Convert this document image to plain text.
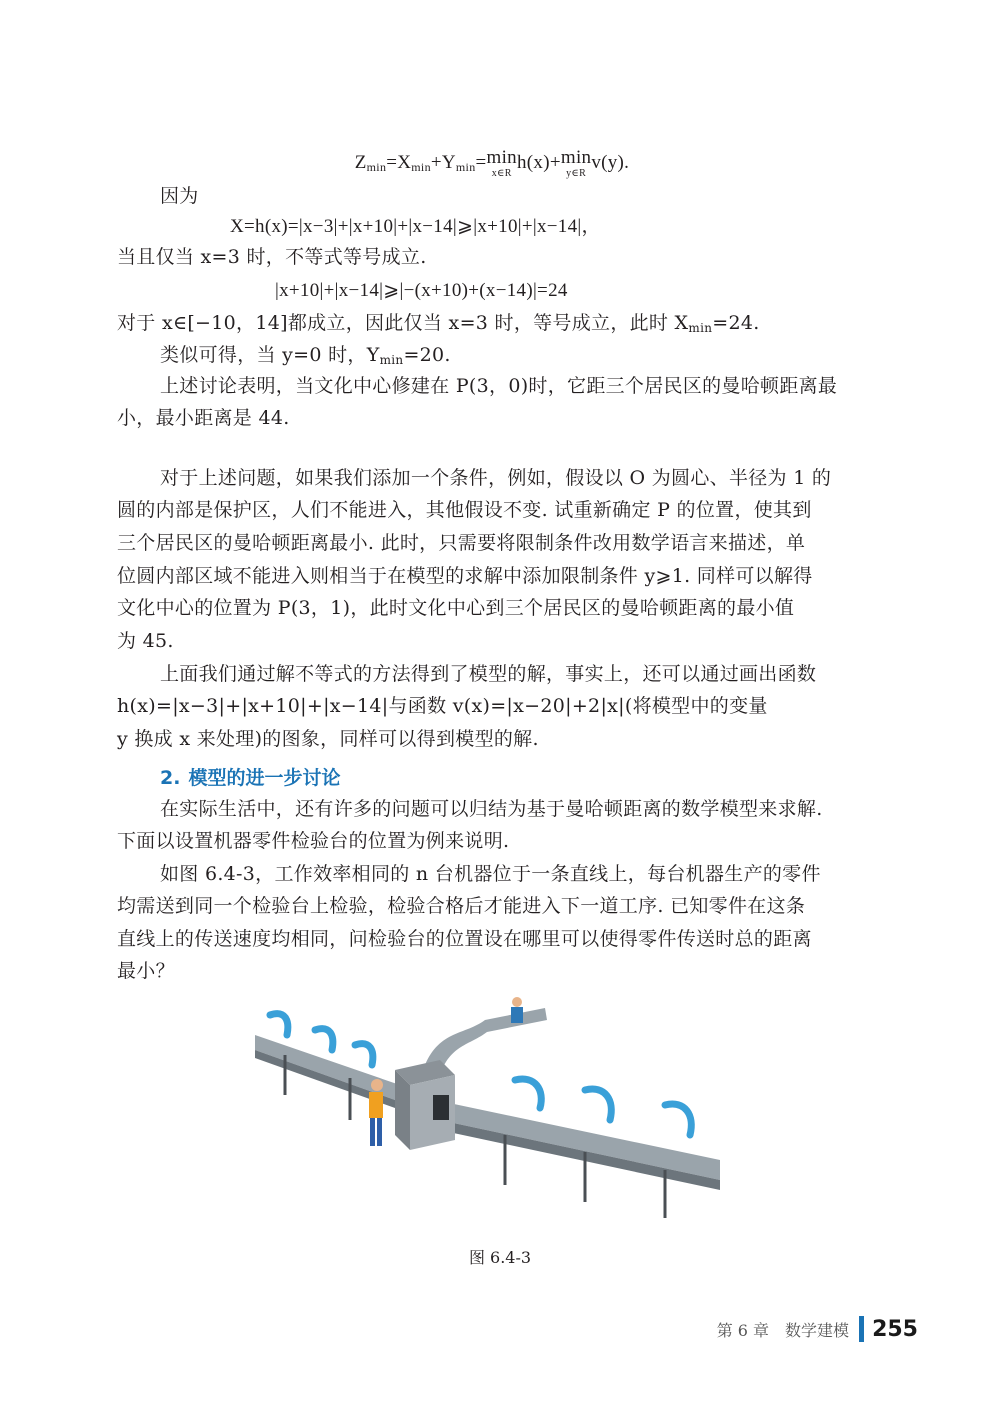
$Z_{min}=X_{min}+Y_{min}= \min$
x∈R
h(x)+ min
y∈R
v(y).
因为
X=h(x)=|x−3|+|x+10|+|x−14|⩾|x+10|+|x−14|，
当且仅当 x=3 时，不等式等号成立.
|x+10|+|x−14|⩾|−(x+10)+(x−14)|=24
对于 x∈[−10，14]都成立，因此仅当 x=3 时，等号成立，此时 $X_{min}=24$.
类似可得，当 y=0 时，$Y_{min}=20$.
上述讨论表明，当文化中心修建在 P(3，0)时，它距三个居民区的曼哈顿距离最
小，最小距离是 44.
对于上述问题，如果我们添加一个条件，例如，假设以 O 为圆心、半径为 1 的
圆的内部是保护区，人们不能进入，其他假设不变. 试重新确定 P 的位置，使其到
三个居民区的曼哈顿距离最小. 此时，只需要将限制条件改用数学语言来描述，单
位圆内部区域不能进入则相当于在模型的求解中添加限制条件 y⩾1. 同样可以解得
文化中心的位置为 P(3，1)，此时文化中心到三个居民区的曼哈顿距离的最小值
为 45.
上面我们通过解不等式的方法得到了模型的解，事实上，还可以通过画出函数
h(x)=|x−3|+|x+10|+|x−14|与函数 v(x)=|x−20|+2|x|(将模型中的变量
y 换成 x 来处理)的图象，同样可以得到模型的解.
2. 模型的进一步讨论
在实际生活中，还有许多的问题可以归结为基于曼哈顿距离的数学模型来求解.
下面以设置机器零件检验台的位置为例来说明.
如图 6.4-3，工作效率相同的 n 台机器位于一条直线上，每台机器生产的零件
均需送到同一个检验台上检验，检验合格后才能进入下一道工序. 已知零件在这条
直线上的传送速度均相同，问检验台的位置设在哪里可以使得零件传送时总的距离
最小？
图 6.4-3
第 6 章　数学建模 255
